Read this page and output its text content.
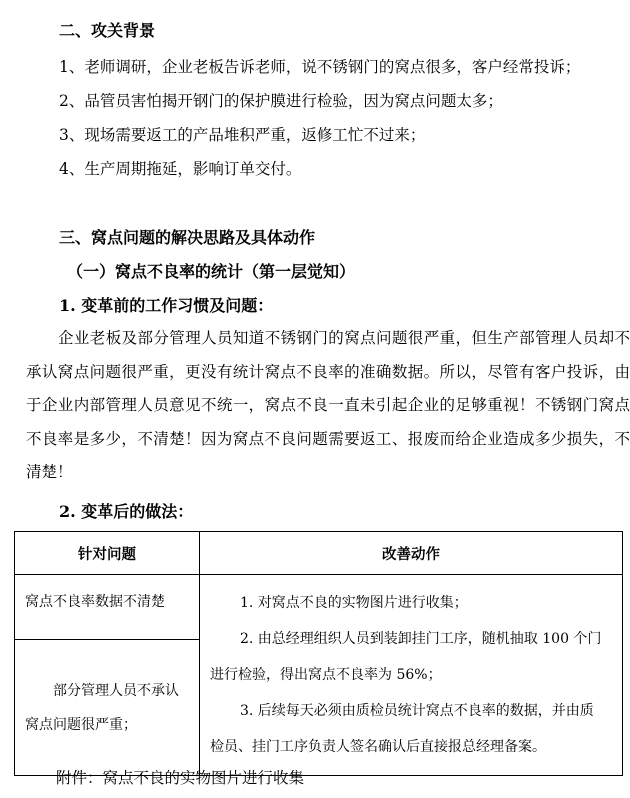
二、攻关背景
1、老师调研，企业老板告诉老师，说不锈钢门的窝点很多，客户经常投诉；
2、品管员害怕揭开钢门的保护膜进行检验，因为窝点问题太多；
3、现场需要返工的产品堆积严重，返修工忙不过来；
4、生产周期拖延，影响订单交付。
三、窝点问题的解决思路及具体动作
（一）窝点不良率的统计（第一层觉知）
1. 变革前的工作习惯及问题：

企业老板及部分管理人员知道不锈钢门的窝点问题很严重，但生产部管理人员却不承认窝点问题很严重，更没有统计窝点不良率的准确数据。所以，尽管有客户投诉，由于企业内部管理人员意见不统一，窝点不良一直未引起企业的足够重视！不锈钢门窝点不良率是多少，不清楚！因为窝点不良问题需要返工、报废而给企业造成多少损失，不清楚！

2. 变革后的做法：
针对问题	改善动作

窝点不良率数据不清楚	1. 对窝点不良的实物图片进行收集；
2. 由总经理组织人员到装卸挂门工序，随机抽取 100 个门进行检验，得出窝点不良率为 56%；
3. 后续每天必须由质检员统计窝点不良率的数据，并由质检员、挂门工序负责人签名确认后直接报总经理备案。

部分管理人员不承认窝点问题很严重；	
附件：窝点不良的实物图片进行收集
